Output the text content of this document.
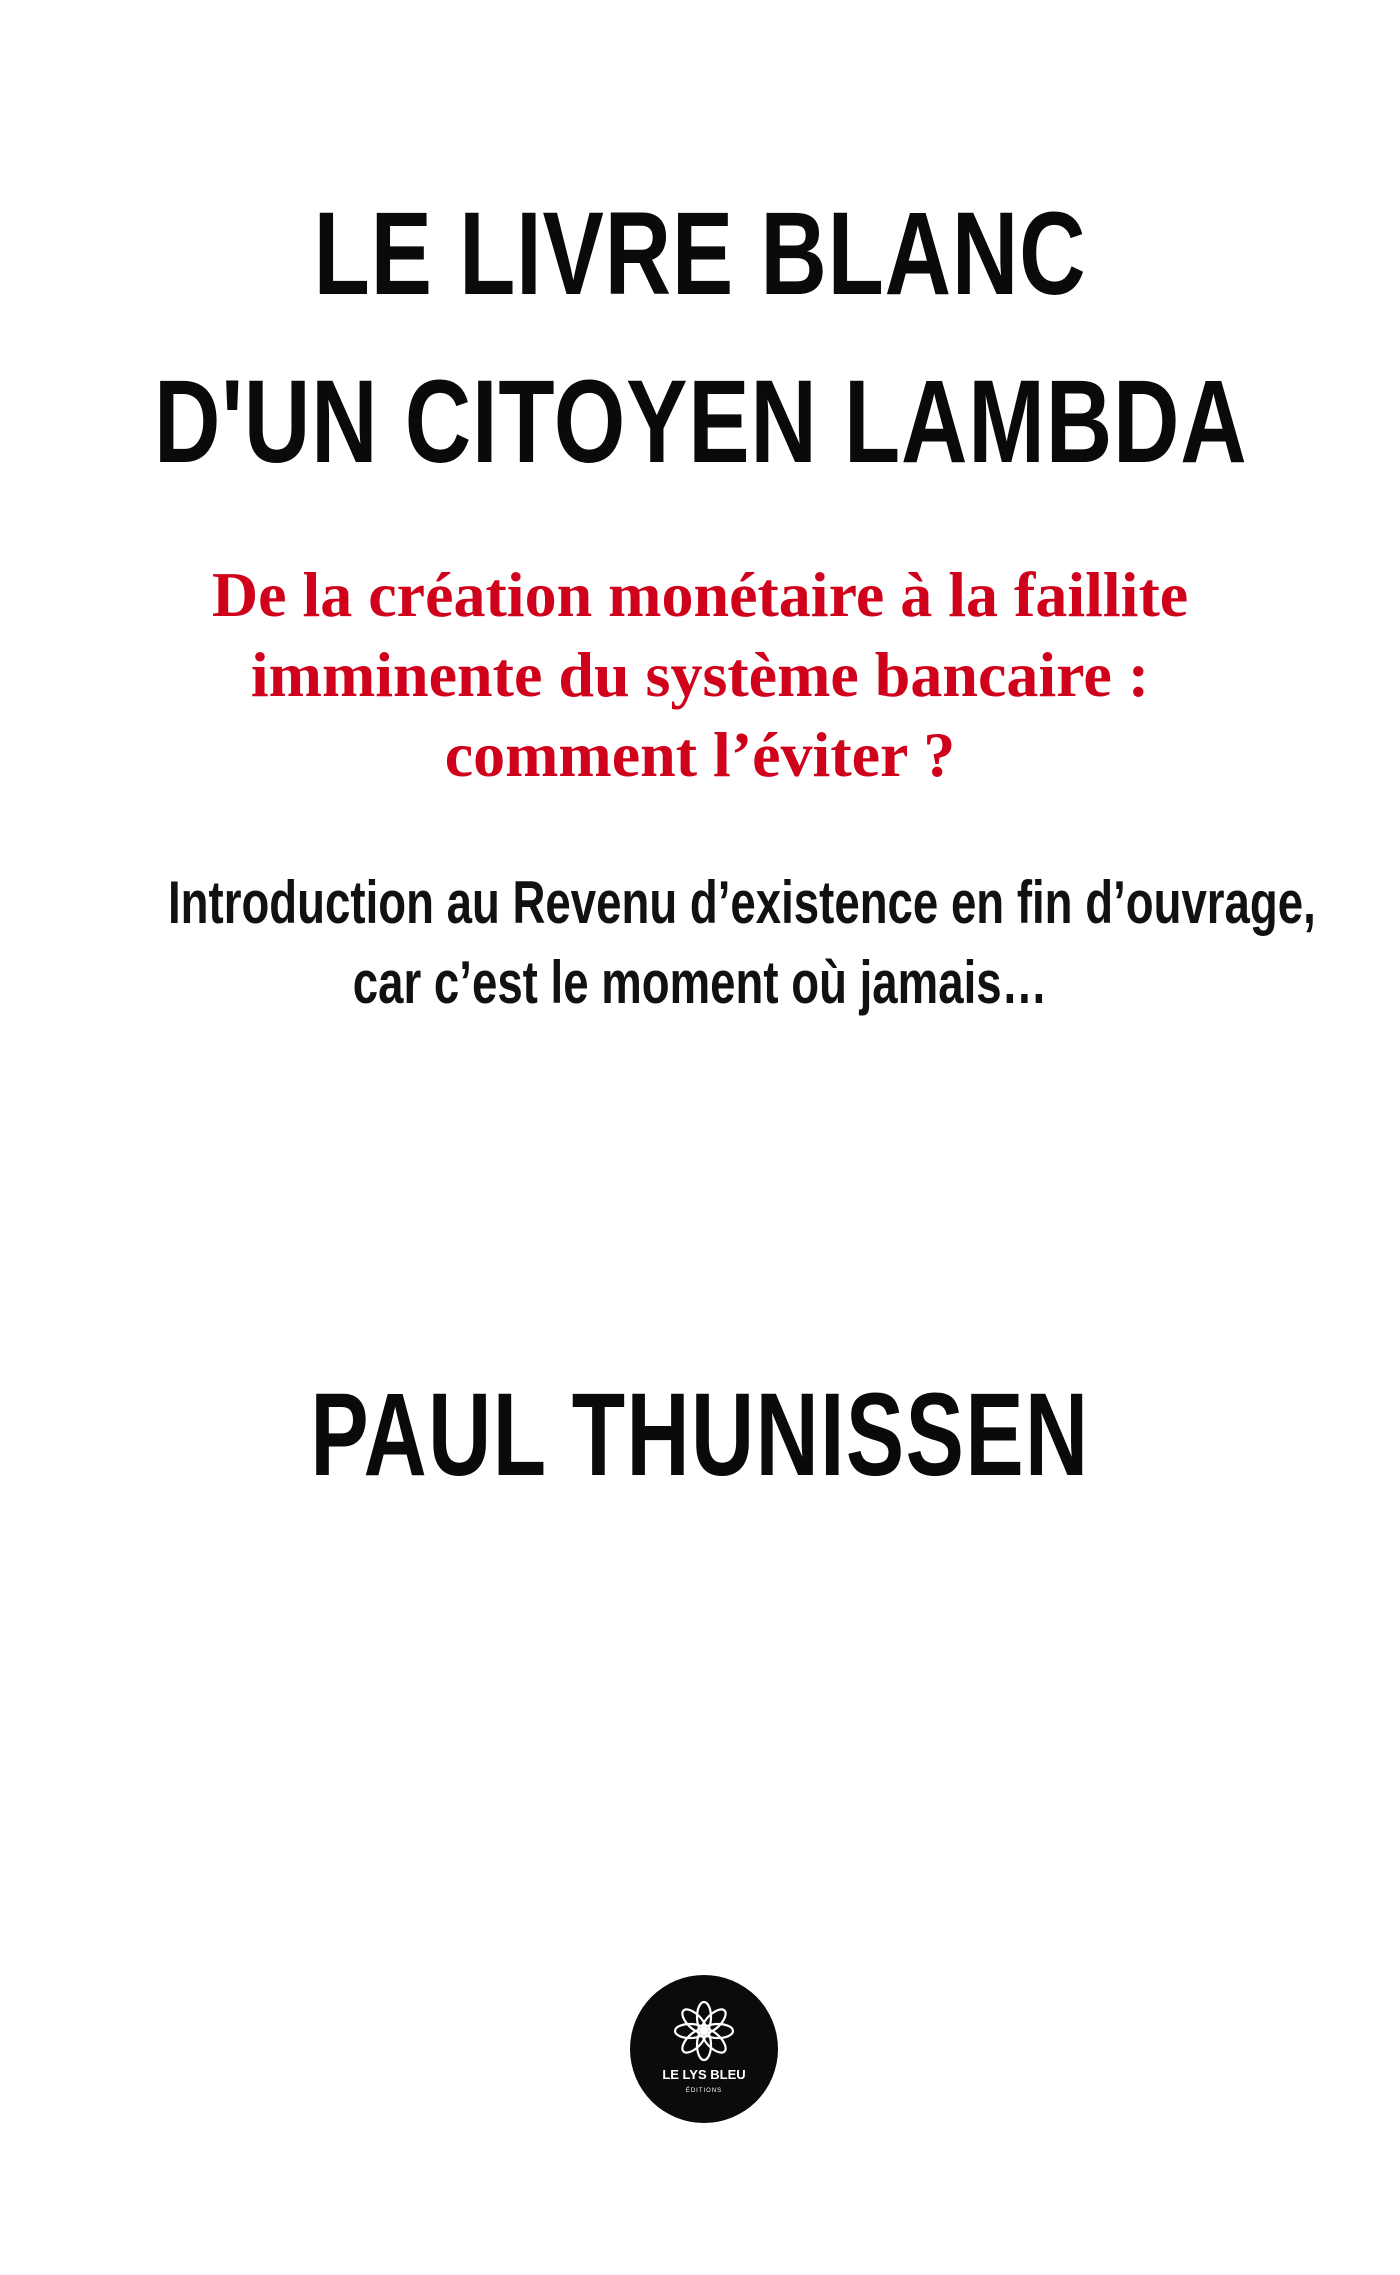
LE LIVRE BLANC
D'UN CITOYEN LAMBDA
De la création monétaire à la faillite
imminente du système bancaire :
comment l’éviter ?

Introduction au Revenu d’existence en fin d’ouvrage,
car c’est le moment où jamais…

PAUL THUNISSEN
LE LYS BLEU
ÉDITIONS
